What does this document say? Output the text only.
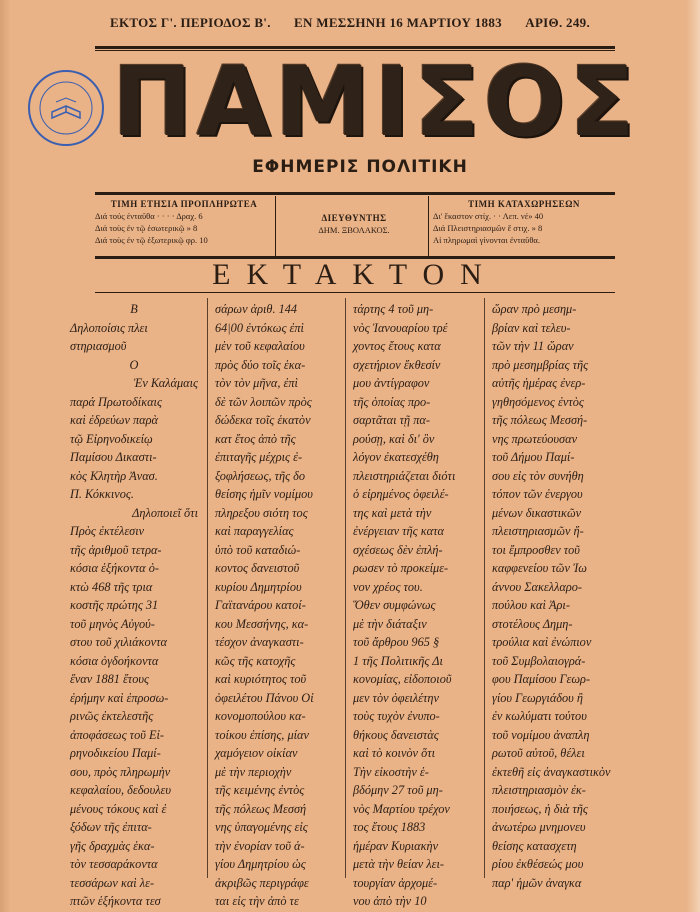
ΕΚΤΟΣ Γ'. ΠΕΡΙΟΔΟΣ Β'. ΕΝ ΜΕΣΣΗΝΗ 16 ΜΑΡΤΙΟΥ 1883 ΑΡΙΘ. 249.
ΠΑΜΙΣΟΣ
ΕΦΗΜΕΡΙΣ ΠΟΛΙΤΙΚΗ
ΤΙΜΗ ΕΤΗΣΙΑ ΠΡΟΠΛΗΡΩΤΕΑ
Διά τούς ένταῦθα · · · · Δραχ. 6
Διά τοὺς ἐν τῷ ἐσωτερικῷ » 8
Διά τοὺς ἐν τῷ ἐξωτερικῷ φρ. 10
ΔΙΕΥΘΥΝΤΗΣ
ΔΗΜ. ΞΒΟΛΑΚΟΣ.
ΤΙΜΗ ΚΑΤΑΧΩΡΗΣΕΩΝ
Δι' ἕκαστον στίχ. · · Λεπ. νέ» 40
Διά Πλειστηριασμῶν ἕ στιχ. » 8
Αἱ πληρωμαὶ γίνονται ἐνταῦθα.
ΕΚΤΑΚΤΟΝ
Β
Δηλοποίσις πλει
στηριασμοῦ
Ο
Ἐν Καλάμαις
παρά Πρωτοδίκαις
καὶ ἐδρεύων παρὰ
τῷ Εἰρηνοδικείῳ
Παμίσου Δικαστι-
κὸς Κλητὴρ Ἀνασ.
Π. Κόκκινος.
Δηλοποιεῖ ὅτι
Πρὸς ἐκτέλεσιν
τῆς ἀριθμοῦ τετρα-
κόσια ἑξήκοντα ὀ-
κτὼ 468 τῆς τρια
κοστῆς πρώτης 31
τοῦ μηνὸς Αὐγού-
στου τοῦ χιλιάκοντα
κόσια ὀγδοήκοντα
ἕναν 1881 ἔτους
ἐρήμην καὶ ἐπροσω-
ρινῶς ἐκτελεστῆς
ἀποφάσεως τοῦ Εἰ-
ρηνοδικείου Παμί-
σου, πρὸς πληρωμὴν
κεφαλαίου, δεδουλευ
μένους τόκους καὶ ἐ
ξόδων τῆς ἐπιτα-
γῆς δραχμὰς ἑκα-
τὸν τεσσαράκοντα
τεσσάρων καὶ λε-
πτῶν ἑξήκοντα τεσ
σάρων ἀριθ. 144
64|00 ἐντόκως ἐπὶ
μὲν τοῦ κεφαλαίου
πρὸς δύο τοῖς ἑκα-
τὸν τὸν μῆνα, ἐπὶ
δὲ τῶν λοιπῶν πρὸς
δώδεκα τοῖς ἑκατὸν
κατ ἔτος ἀπὸ τῆς
ἐπιταγῆς μέχρις ἐ-
ξοφλήσεως, τῆς δο
θείσης ἡμῖν νομίμου
πληρεξου σιότη τος
καὶ παραγγελίας
ὑπὸ τοῦ καταδιώ-
κοντος δανειστοῦ
κυρίου Δημητρίου
Γαϊτανάρου κατοί-
κου Μεσσήνης, κα-
τέσχον ἀναγκαστι-
κῶς τῆς κατοχῆς
καὶ κυριότητος τοῦ
ὀφειλέτου Πάνου Οἰ
κονομοπούλου κα-
τοίκου ἐπίσης, μίαν
χαμόγειον οἰκίαν
μὲ τὴν περιοχὴν
τῆς κειμένης ἐντὸς
τῆς πόλεως Μεσσή
νης ὑπαγομένης εἰς
τὴν ἐνορίαν τοῦ ἁ-
γίου Δημητρίου ὡς
ἀκριβῶς περιγράφε
ται εἰς τὴν ἀπὸ τε
τάρτης 4 τοῦ μη-
νὸς Ἰανουαρίου τρέ
χοντος ἔτους κατα
σχετήριον ἔκθεσίν
μου ἀντίγραφον
τῆς ὁποίας προ-
σαρτᾶται τῇ πα-
ρούσῃ, καὶ δι' ὃν
λόγον ἐκατεσχέθη
πλειστηριάζεται διότι
ὁ εἰρημένος ὀφειλέ-
της καὶ μετὰ τὴν
ἐνέργειαν τῆς κατα
σχέσεως δὲν ἐπλή-
ρωσεν τὸ προκείμε-
νον χρέος του.
Ὅθεν συμφώνως
μὲ τὴν διάταξιν
τοῦ ἄρθρου 965 §
1 τῆς Πολιτικῆς Δι
κονομίας, εἰδοποιοῦ
μεν τὸν ὀφειλέτην
τοὺς τυχὸν ἐνυπο-
θήκους δανειστὰς
καὶ τὸ κοινὸν ὅτι
Τὴν εἰκοστὴν ἑ-
βδόμην 27 τοῦ μη-
νὸς Μαρτίου τρέχον
τος ἔτους 1883
ἡμέραν Κυριακὴν
μετὰ τὴν θείαν λει-
τουργίαν ἀρχομέ-
νου ἀπὸ τὴν 10
ὥραν πρὸ μεσημ-
βρίαν καὶ τελευ-
τῶν τὴν 11 ὥραν
πρὸ μεσημβρίας τῆς
αὐτῆς ἡμέρας ἐνερ-
γηθησόμενος ἐντὸς
τῆς πόλεως Μεσσή-
νης πρωτεύουσαν
τοῦ Δήμου Παμί-
σου εἰς τὸν συνήθη
τόπον τῶν ἐνεργου
μένων δικαστικῶν
πλειστηριασμῶν ἤ-
τοι ἔμπροσθεν τοῦ
καφφενείου τῶν Ἰω
άννου Σακελλαρο-
πούλου καὶ Ἀρι-
στοτέλους Δημη-
τρούλια καὶ ἐνώπιον
τοῦ Συμβολαιογρά-
φου Παμίσου Γεωρ-
γίου Γεωργιάδου ἢ
ἐν κωλύματι τούτου
τοῦ νομίμου ἀναπλη
ρωτοῦ αὐτοῦ, θέλει
ἐκτεθῆ εἰς ἀναγκαστικὸν
πλειστηριασμὸν ἐκ-
ποιήσεως, ἡ διὰ τῆς
ἀνωτέρω μνημονευ
θείσης κατασχετη
ρίου ἐκθέσεώς μου
παρ' ἡμῶν ἀναγκα
